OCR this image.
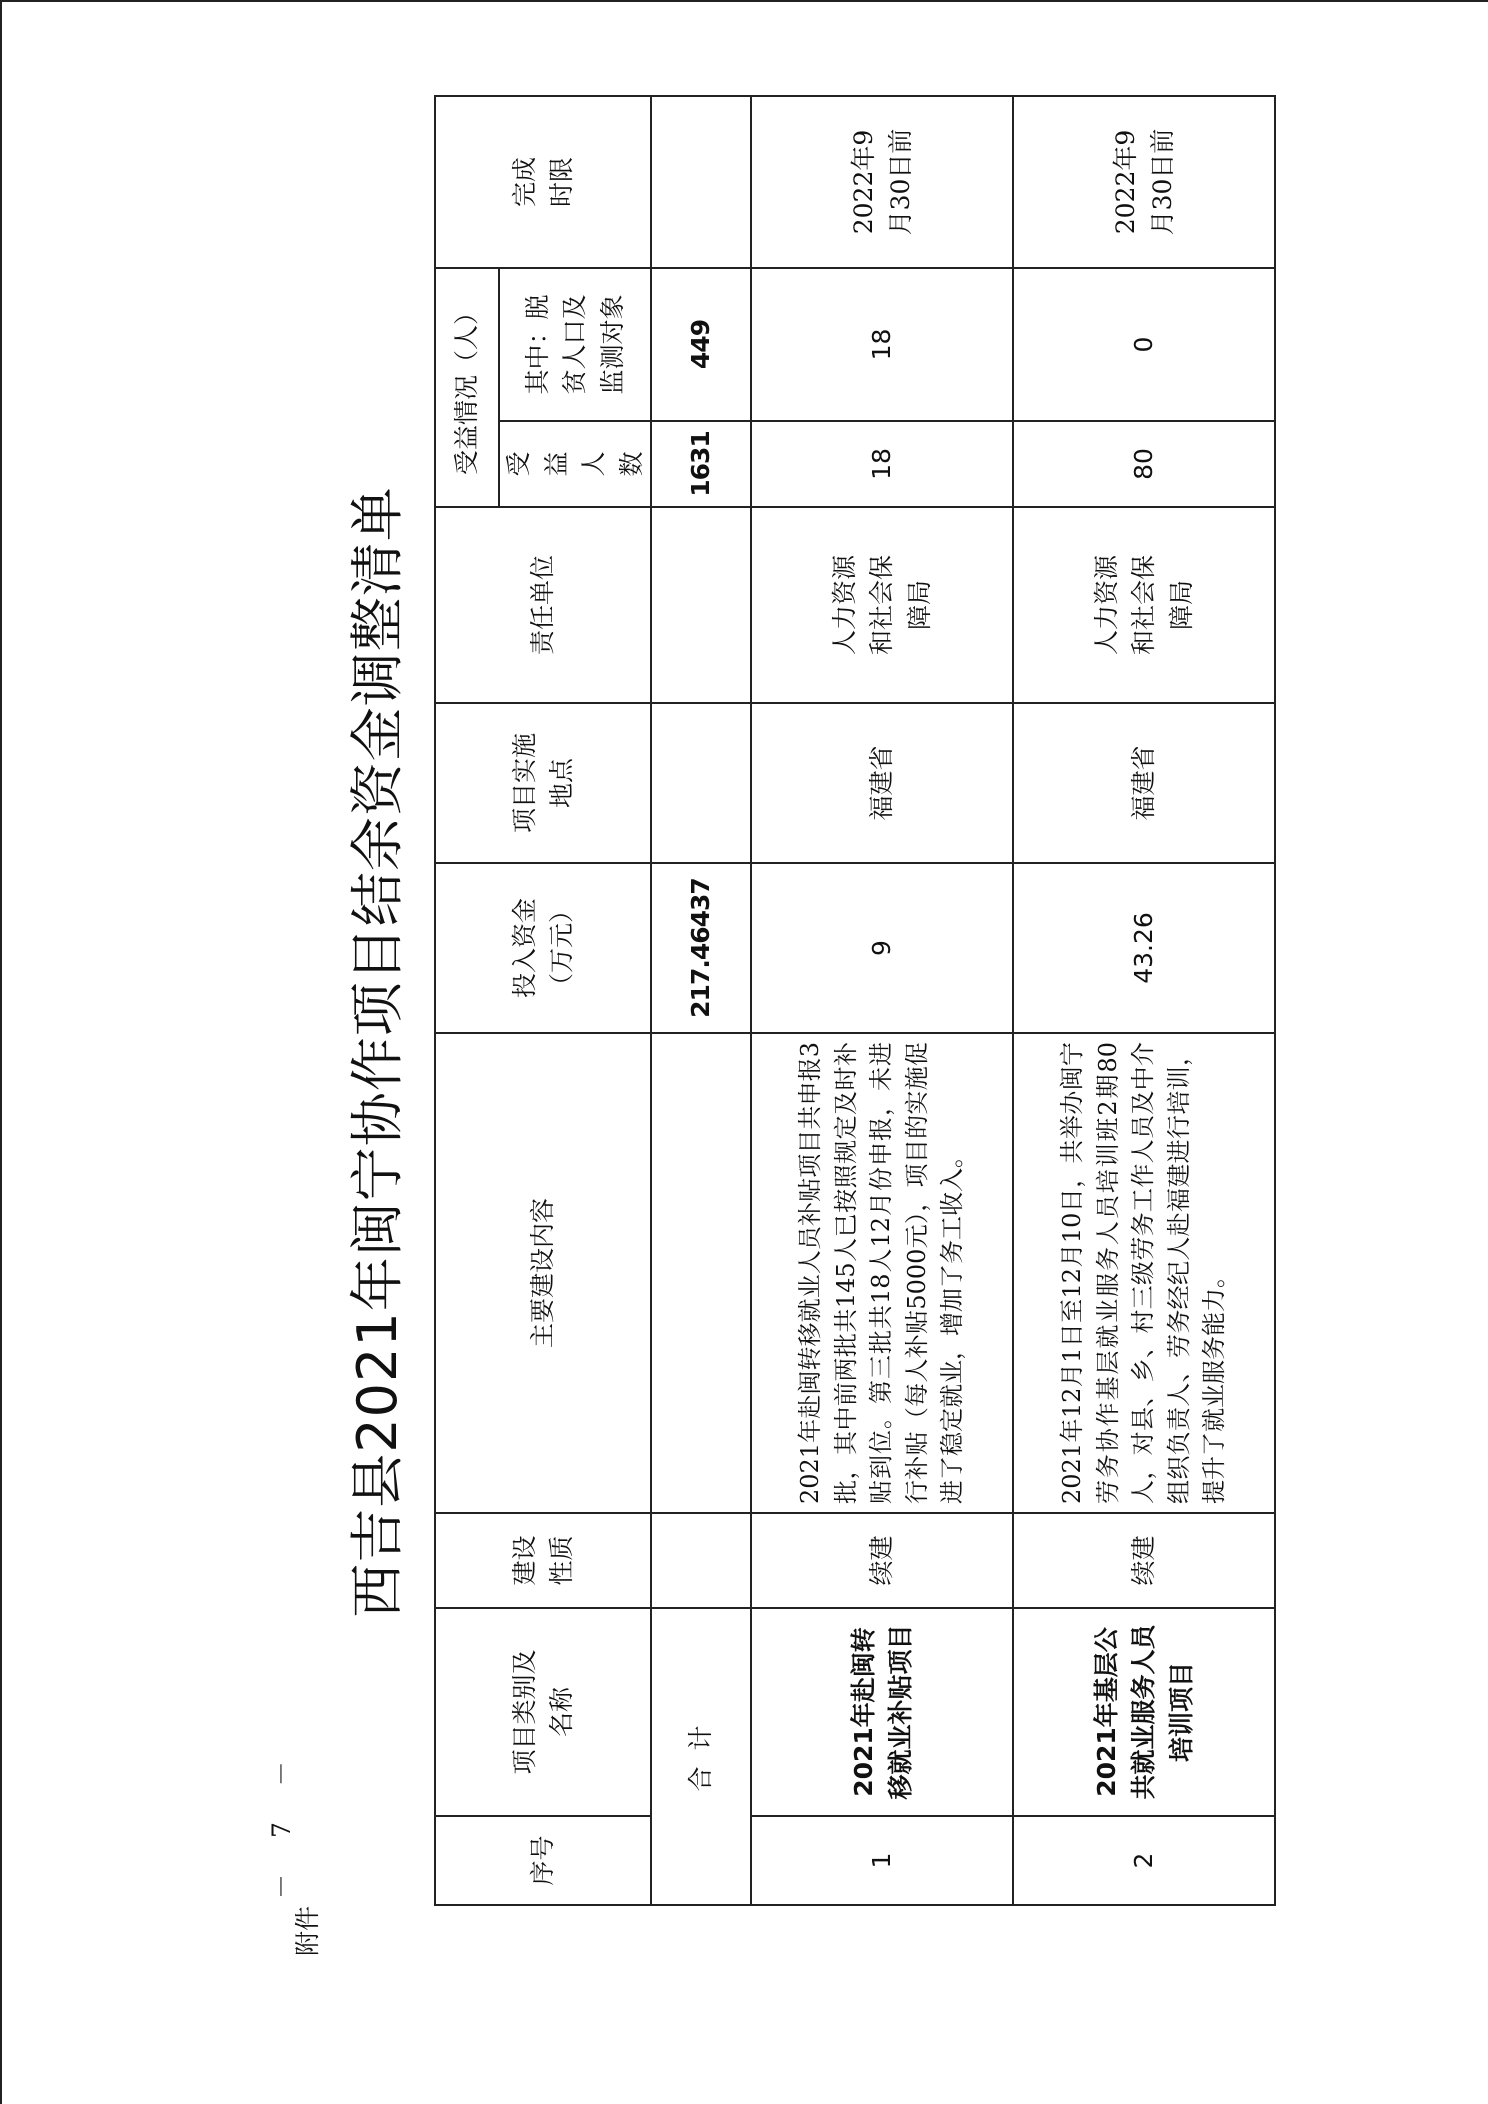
附件
－ 7 －
西吉县2021年闽宁协作项目结余资金调整清单
序号	项目类别及名称	建设性质	主要建设内容	投入资金（万元）	项目实施地点	责任单位	受益情况（人）		完成时限
							受益人数	其中：脱贫人口及监测对象	
合 计				217.46437			1631	449	
1	2021年赴闽转移就业补贴项目	续建	2021年赴闽转移就业人员补贴项目共申报3批，其中前两批共145人已按照规定及时补贴到位。第三批共18人12月份申报，未进行补贴（每人补贴5000元），项目的实施促进了稳定就业，增加了务工收入。	9	福建省	人力资源和社会保障局	18	18	2022年9月30日前
2	2021年基层公共就业服务人员培训项目	续建	2021年12月1日至12月10日，共举办闽宁劳务协作基层就业服务人员培训班2期80人，对县、乡、村三级劳务工作人员及中介组织负责人、劳务经纪人赴福建进行培训，提升了就业服务能力。	43.26	福建省	人力资源和社会保障局	80	0	2022年9月30日前
